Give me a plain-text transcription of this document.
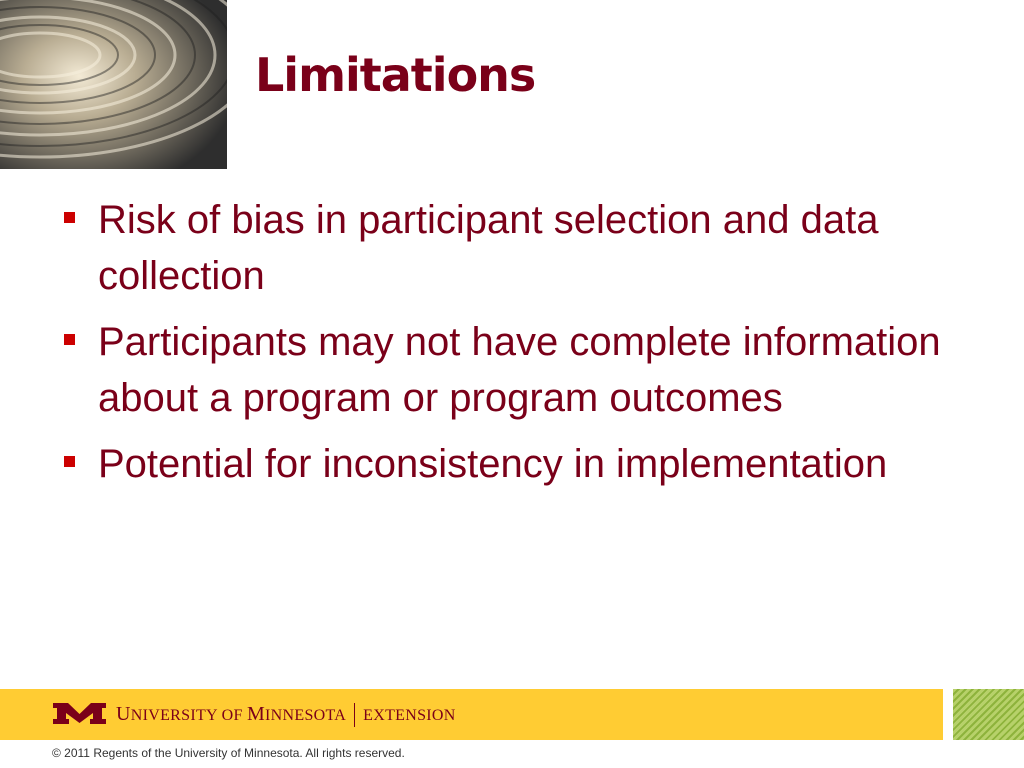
Limitations
Risk of bias in participant selection and data collection
Participants may not have complete information about a program or program outcomes
Potential for inconsistency in implementation
UNIVERSITY OF MINNESOTA EXTENSION
© 2011 Regents of the University of Minnesota. All rights reserved.
